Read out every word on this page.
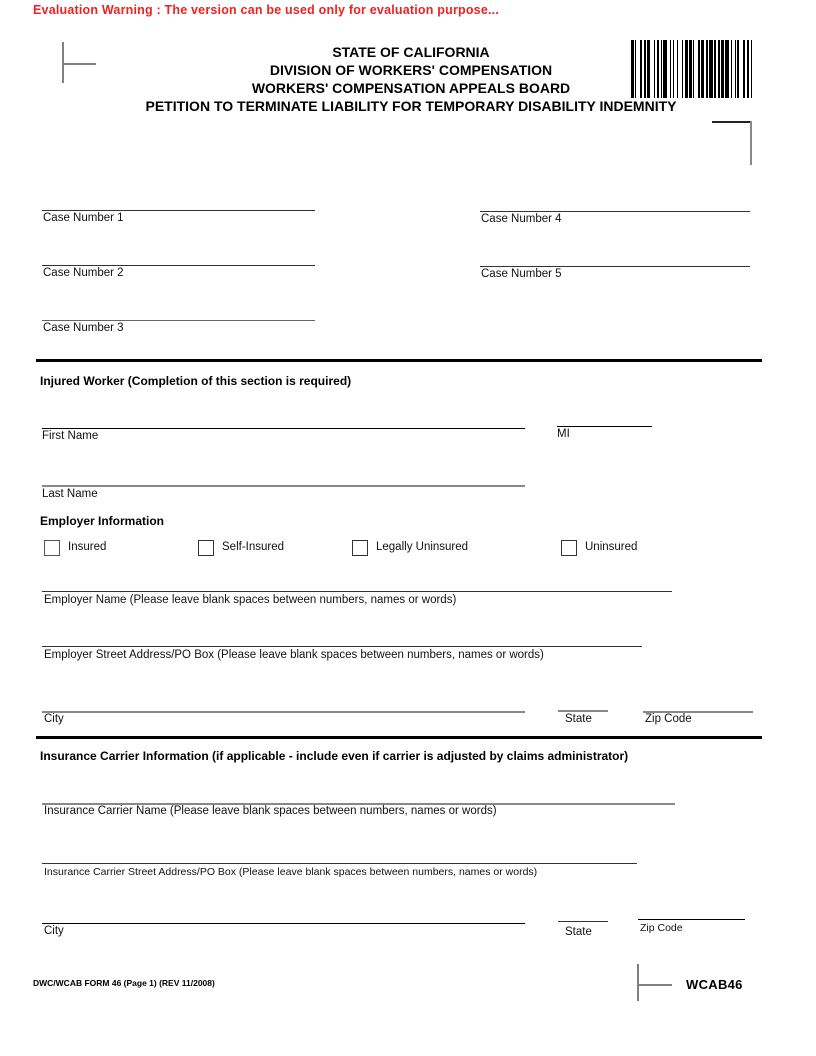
Evaluation Warning : The version can be used only for evaluation purpose...
STATE OF CALIFORNIA
DIVISION OF WORKERS' COMPENSATION
WORKERS' COMPENSATION APPEALS BOARD
PETITION TO TERMINATE LIABILITY FOR TEMPORARY DISABILITY INDEMNITY
Case Number 1
Case Number 2
Case Number 3
Case Number 4
Case Number 5
Injured Worker (Completion of this section is required)
First Name	MI
Last Name
Employer Information
Insured	Self-Insured	Legally Uninsured	Uninsured
Employer Name (Please leave blank spaces between numbers, names or words)
Employer Street Address/PO Box (Please leave blank spaces between numbers, names or words)
City	State	Zip Code
Insurance Carrier Information (if applicable - include even if carrier is adjusted by claims administrator)
Insurance Carrier Name (Please leave blank spaces between numbers, names or words)
Insurance Carrier Street Address/PO Box (Please leave blank spaces between numbers, names or words)
City	State	Zip Code
DWC/WCAB FORM 46 (Page 1) (REV 11/2008)	WCAB46
